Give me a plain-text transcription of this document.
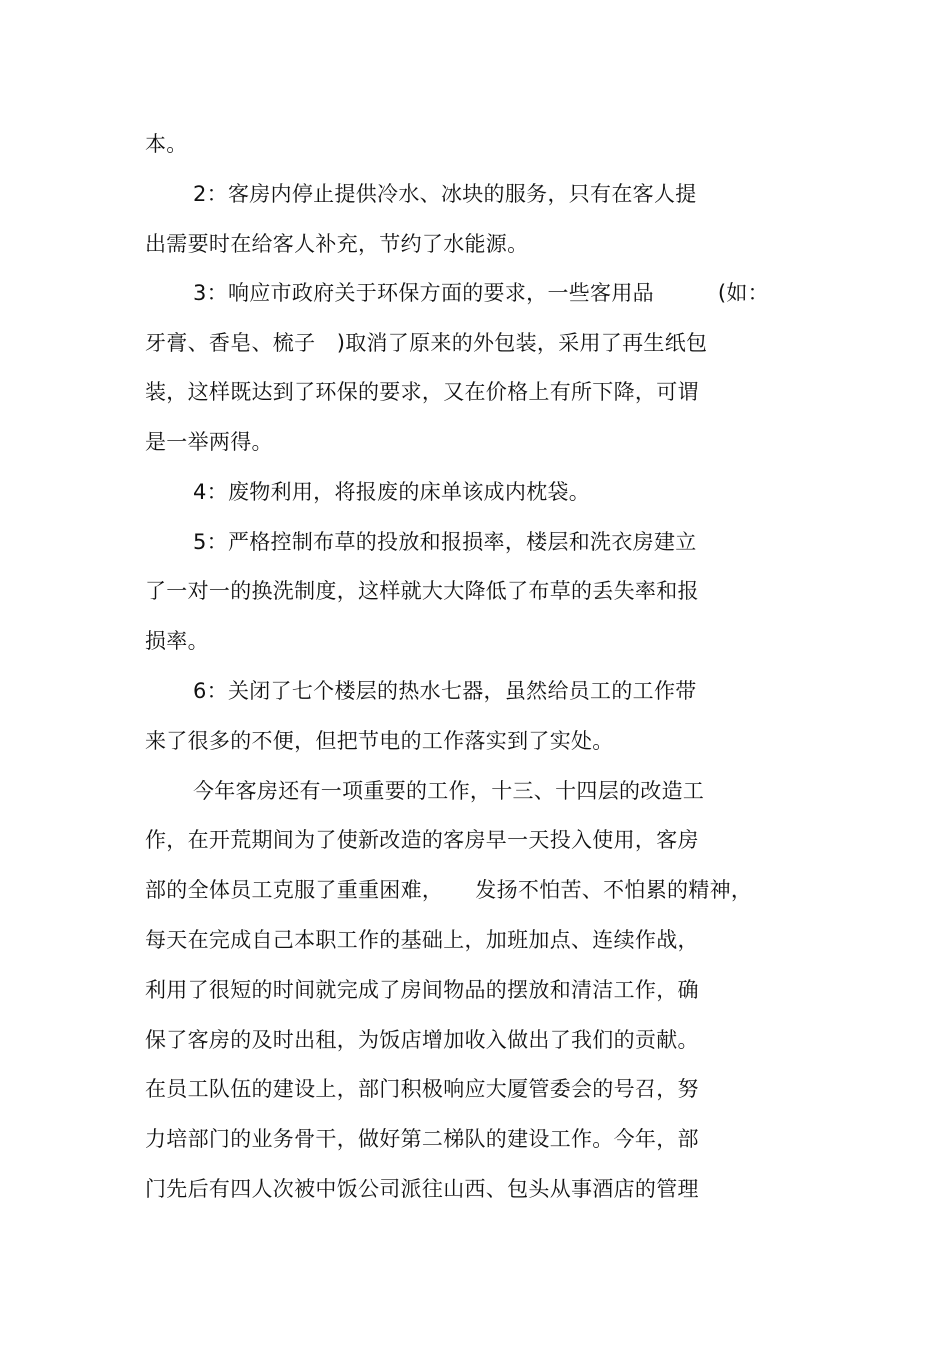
本。
2：客房内停止提供冷水、冰块的服务，只有在客人提
出需要时在给客人补充，节约了水能源。
3：响应市政府关于环保方面的要求，一些客用品　　　(如：
牙膏、香皂、梳子　)取消了原来的外包装，采用了再生纸包
装，这样既达到了环保的要求，又在价格上有所下降，可谓
是一举两得。
4：废物利用，将报废的床单该成内枕袋。
5：严格控制布草的投放和报损率，楼层和洗衣房建立
了一对一的换洗制度，这样就大大降低了布草的丢失率和报
损率。
6：关闭了七个楼层的热水七器，虽然给员工的工作带
来了很多的不便，但把节电的工作落实到了实处。
今年客房还有一项重要的工作，十三、十四层的改造工
作，在开荒期间为了使新改造的客房早一天投入使用，客房
部的全体员工克服了重重困难，　　发扬不怕苦、不怕累的精神，
每天在完成自己本职工作的基础上，加班加点、连续作战，
利用了很短的时间就完成了房间物品的摆放和清洁工作，确
保了客房的及时出租，为饭店增加收入做出了我们的贡献。
在员工队伍的建设上，部门积极响应大厦管委会的号召，努
力培部门的业务骨干，做好第二梯队的建设工作。今年，部
门先后有四人次被中饭公司派往山西、包头从事酒店的管理
